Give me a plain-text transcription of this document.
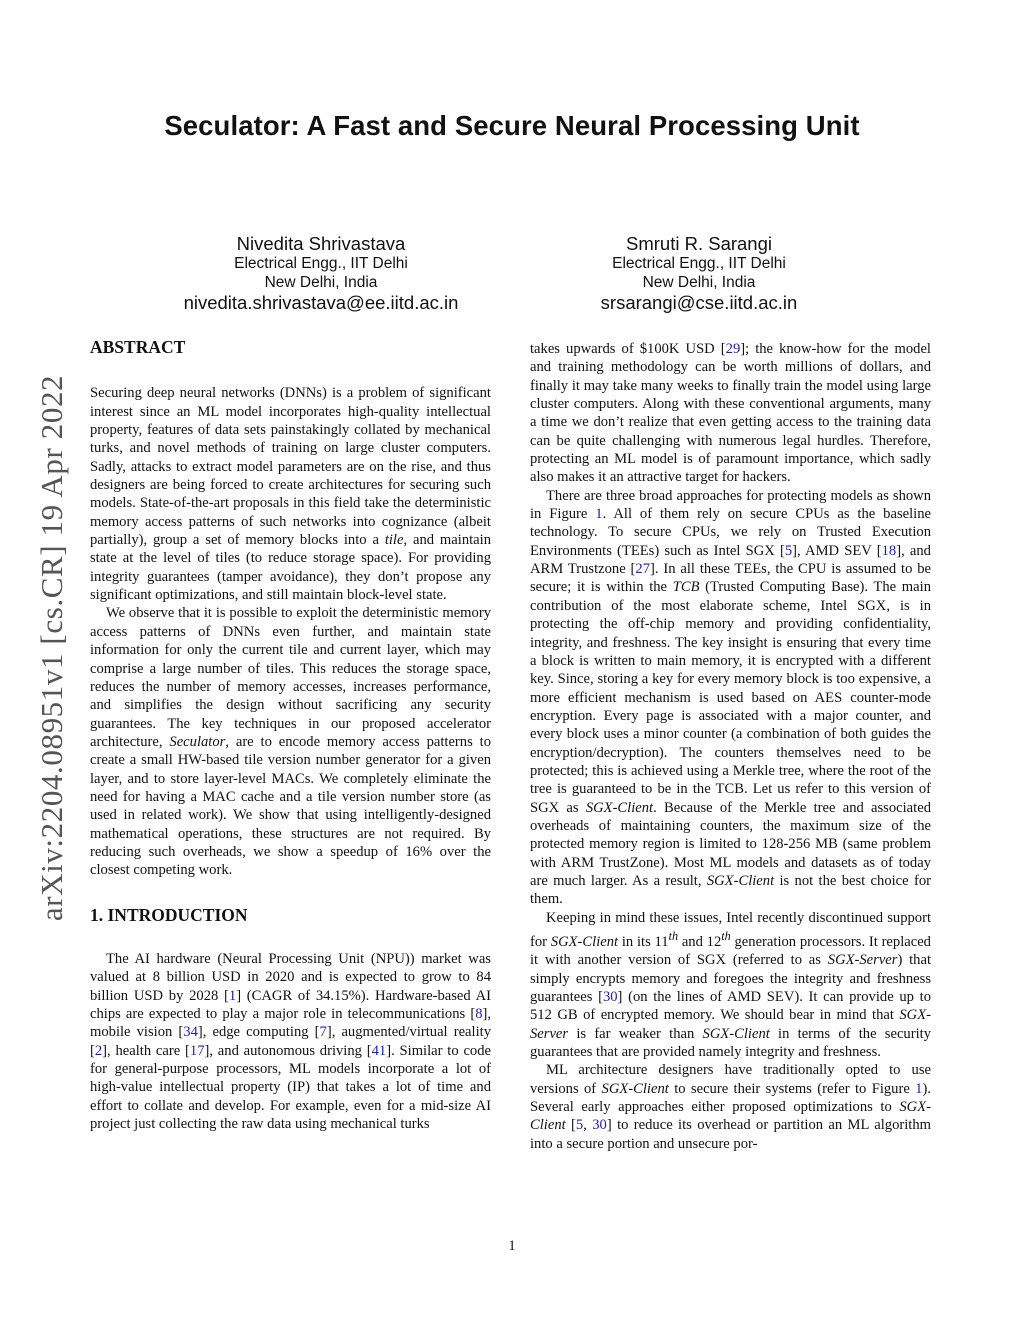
Seculator: A Fast and Secure Neural Processing Unit
Nivedita Shrivastava
Electrical Engg., IIT Delhi
New Delhi, India
nivedita.shrivastava@ee.iitd.ac.in
Smruti R. Sarangi
Electrical Engg., IIT Delhi
New Delhi, India
srsarangi@cse.iitd.ac.in
arXiv:2204.08951v1 [cs.CR] 19 Apr 2022
ABSTRACT

Securing deep neural networks (DNNs) is a problem of significant interest since an ML model incorporates high-quality intellectual property, features of data sets painstakingly collated by mechanical turks, and novel methods of training on large cluster computers. Sadly, attacks to extract model parameters are on the rise, and thus designers are being forced to create architectures for securing such models. State-of-the-art proposals in this field take the deterministic memory access patterns of such networks into cognizance (albeit partially), group a set of memory blocks into a tile, and maintain state at the level of tiles (to reduce storage space). For providing integrity guarantees (tamper avoidance), they don’t propose any significant optimizations, and still maintain block-level state.

We observe that it is possible to exploit the deterministic memory access patterns of DNNs even further, and maintain state information for only the current tile and current layer, which may comprise a large number of tiles. This reduces the storage space, reduces the number of memory accesses, increases performance, and simplifies the design without sacrificing any security guarantees. The key techniques in our proposed accelerator architecture, Seculator, are to encode memory access patterns to create a small HW-based tile version number generator for a given layer, and to store layer-level MACs. We completely eliminate the need for having a MAC cache and a tile version number store (as used in related work). We show that using intelligently-designed mathematical operations, these structures are not required. By reducing such overheads, we show a speedup of 16% over the closest competing work.

1. INTRODUCTION

The AI hardware (Neural Processing Unit (NPU)) market was valued at 8 billion USD in 2020 and is expected to grow to 84 billion USD by 2028 [1] (CAGR of 34.15%). Hardware-based AI chips are expected to play a major role in telecommunications [8], mobile vision [34], edge computing [7], augmented/virtual reality [2], health care [17], and autonomous driving [41]. Similar to code for general-purpose processors, ML models incorporate a lot of high-value intellectual property (IP) that takes a lot of time and effort to collate and develop. For example, even for a mid-size AI project just collecting the raw data using mechanical turks

takes upwards of $100K USD [29]; the know-how for the model and training methodology can be worth millions of dollars, and finally it may take many weeks to finally train the model using large cluster computers. Along with these conventional arguments, many a time we don’t realize that even getting access to the training data can be quite challenging with numerous legal hurdles. Therefore, protecting an ML model is of paramount importance, which sadly also makes it an attractive target for hackers.

There are three broad approaches for protecting models as shown in Figure 1. All of them rely on secure CPUs as the baseline technology. To secure CPUs, we rely on Trusted Execution Environments (TEEs) such as Intel SGX [5], AMD SEV [18], and ARM Trustzone [27]. In all these TEEs, the CPU is assumed to be secure; it is within the TCB (Trusted Computing Base). The main contribution of the most elaborate scheme, Intel SGX, is in protecting the off-chip memory and providing confidentiality, integrity, and freshness. The key insight is ensuring that every time a block is written to main memory, it is encrypted with a different key. Since, storing a key for every memory block is too expensive, a more efficient mechanism is used based on AES counter-mode encryption. Every page is associated with a major counter, and every block uses a minor counter (a combination of both guides the encryption/decryption). The counters themselves need to be protected; this is achieved using a Merkle tree, where the root of the tree is guaranteed to be in the TCB. Let us refer to this version of SGX as SGX-Client. Because of the Merkle tree and associated overheads of maintaining counters, the maximum size of the protected memory region is limited to 128-256 MB (same problem with ARM TrustZone). Most ML models and datasets as of today are much larger. As a result, SGX-Client is not the best choice for them.

Keeping in mind these issues, Intel recently discontinued support for SGX-Client in its 11th and 12th generation processors. It replaced it with another version of SGX (referred to as SGX-Server) that simply encrypts memory and foregoes the integrity and freshness guarantees [30] (on the lines of AMD SEV). It can provide up to 512 GB of encrypted memory. We should bear in mind that SGX-Server is far weaker than SGX-Client in terms of the security guarantees that are provided namely integrity and freshness.

ML architecture designers have traditionally opted to use versions of SGX-Client to secure their systems (refer to Figure 1). Several early approaches either proposed optimizations to SGX-Client [5, 30] to reduce its overhead or partition an ML algorithm into a secure portion and unsecure por-

1
